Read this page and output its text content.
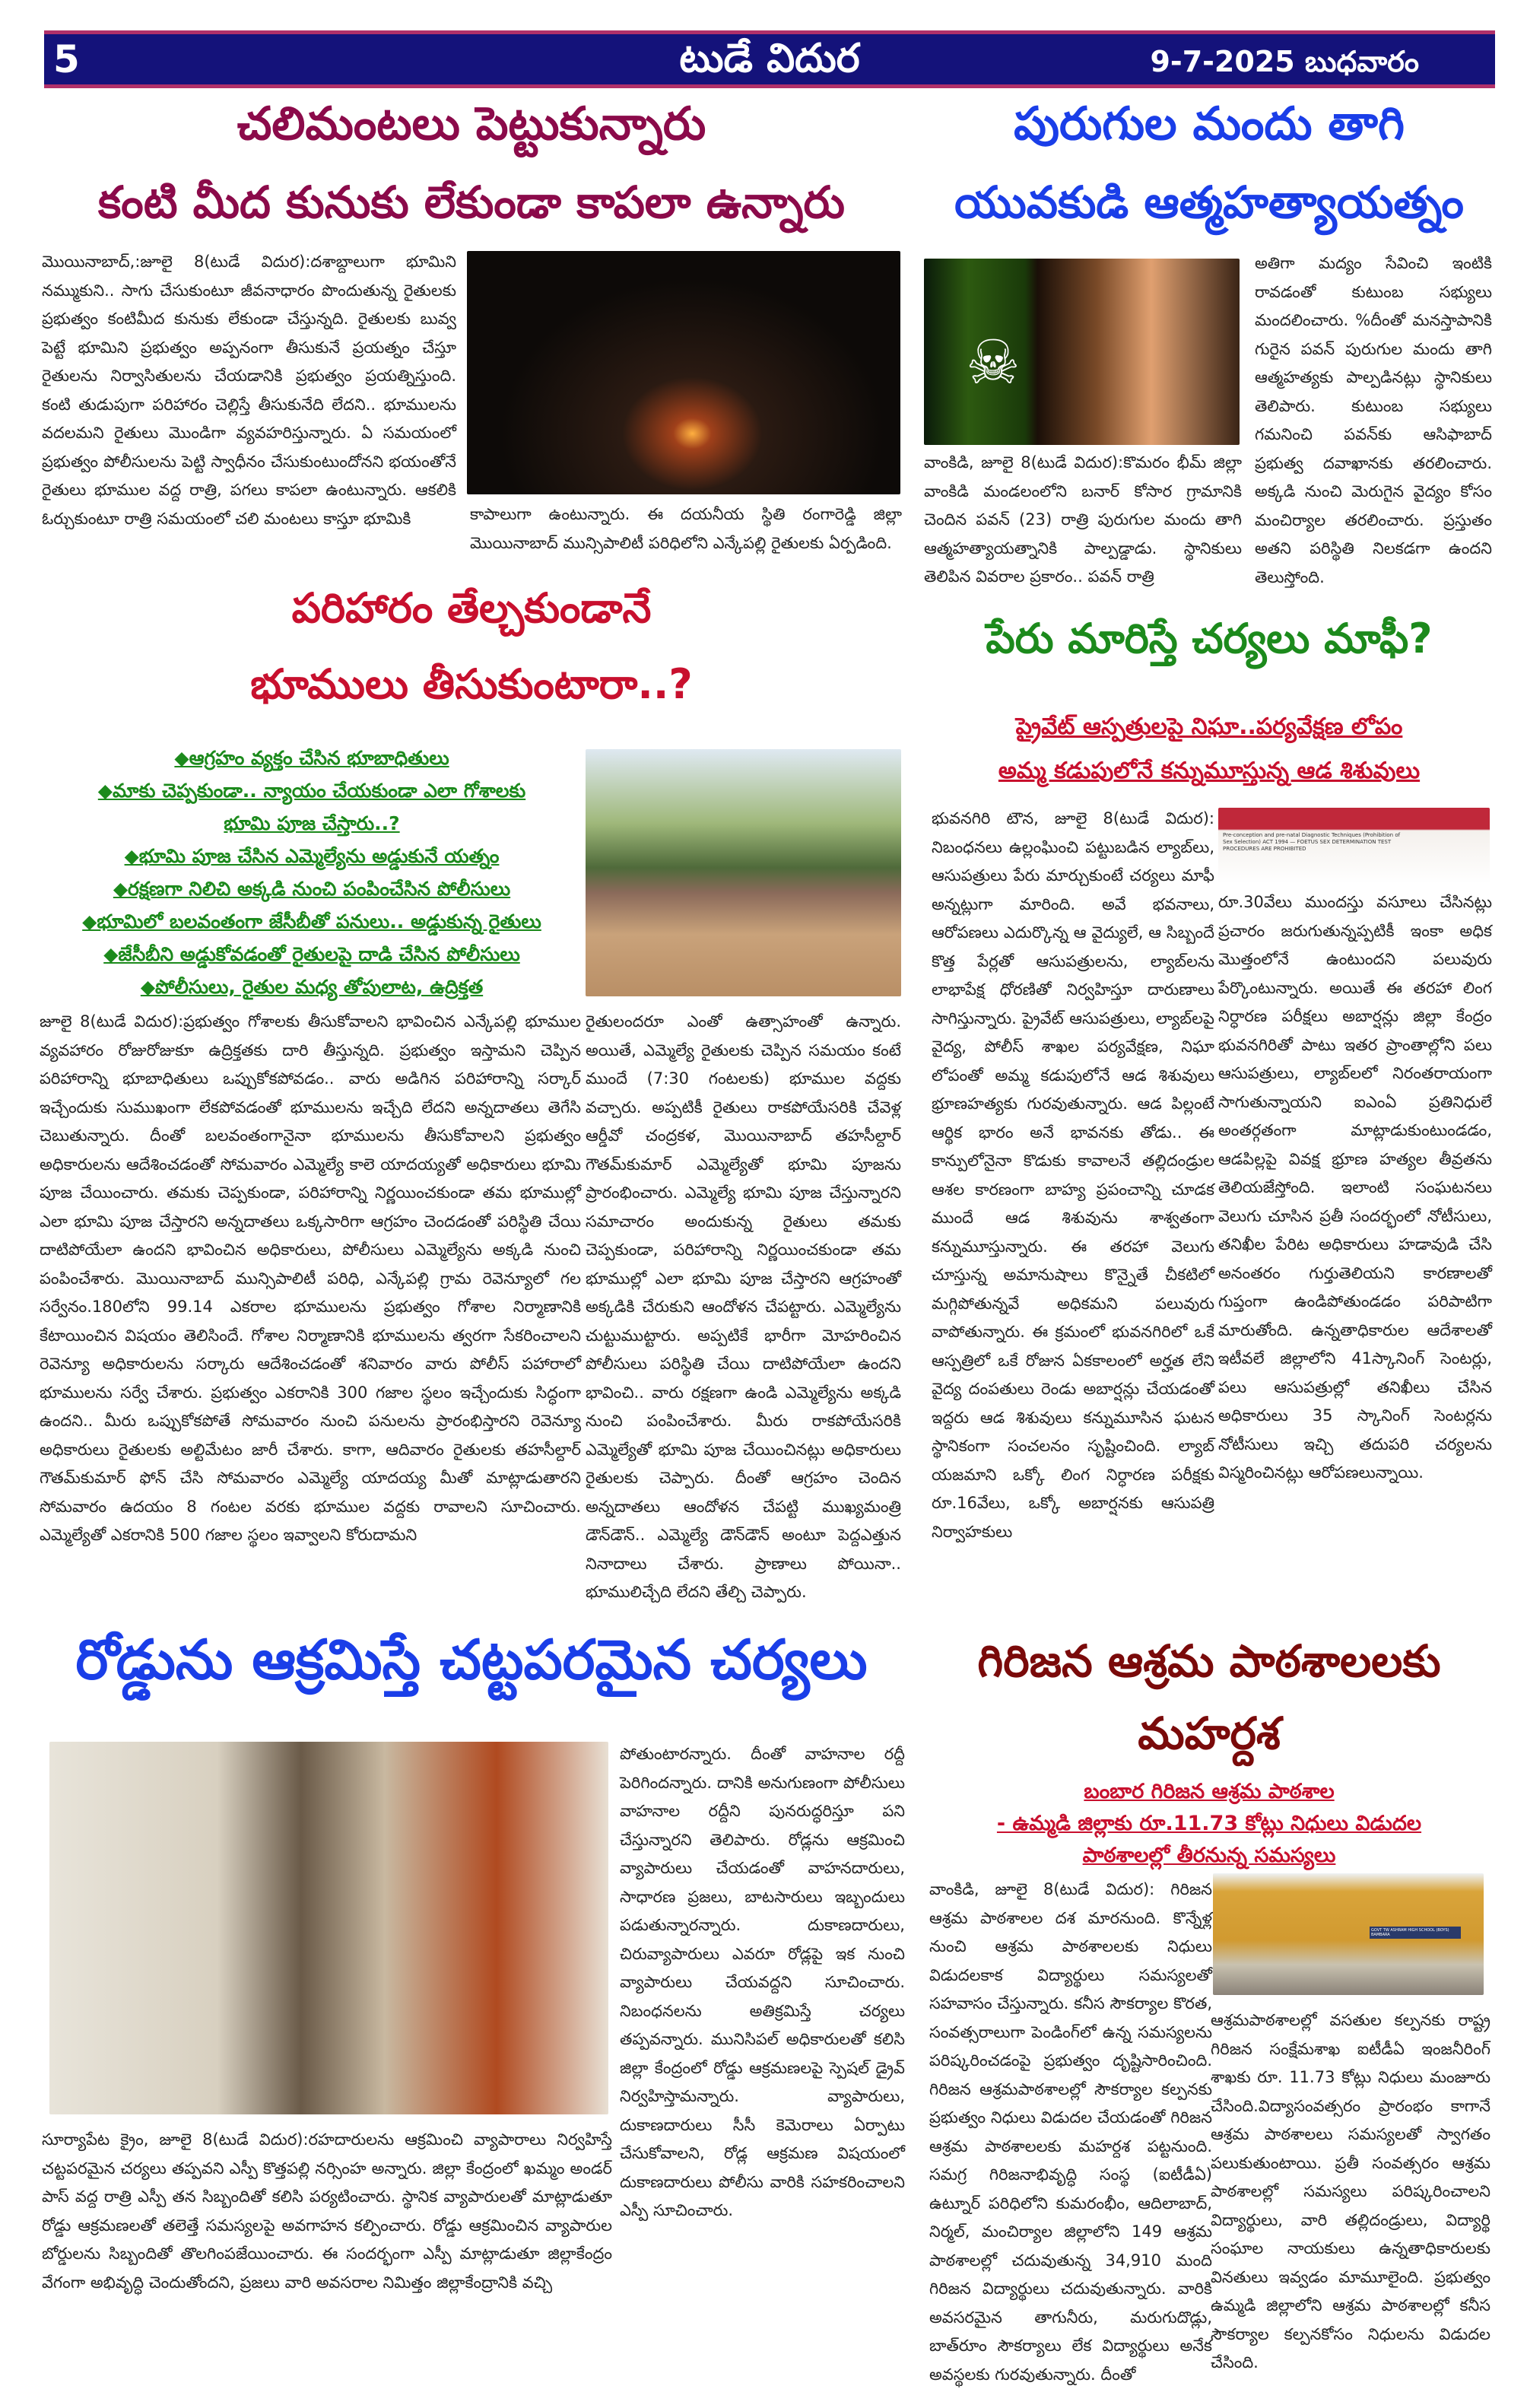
5	టుడే విదుర	9-7-2025 బుధవారం
చలిమంటలు పెట్టుకున్నారు
కంటి మీద కునుకు లేకుండా కాపలా ఉన్నారు
మొయినాబాద్,:జూలై 8(టుడే విదుర):దశాబ్దాలుగా భూమిని నమ్ముకుని.. సాగు చేసుకుంటూ జీవనాధారం పొందుతున్న రైతులకు ప్రభుత్వం కంటిమీద కునుకు లేకుండా చేస్తున్నది. రైతులకు బువ్వ పెట్టే భూమిని ప్రభుత్వం అప్పనంగా తీసుకునే ప్రయత్నం చేస్తూ రైతులను నిర్వాసితులను చేయడానికి ప్రభుత్వం ప్రయత్నిస్తుంది. కంటి తుడుపుగా పరిహారం చెల్లిస్తే తీసుకునేది లేదని.. భూములను వదలమని రైతులు మొండిగా వ్యవహరిస్తున్నారు. ఏ సమయంలో ప్రభుత్వం పోలీసులను పెట్టి స్వాధీనం చేసుకుంటుందోనని భయంతోనే రైతులు భూముల వద్ద రాత్రి, పగలు కాపలా ఉంటున్నారు. ఆకలికి ఓర్చుకుంటూ రాత్రి సమయంలో చలి మంటలు కాస్తూ భూమికి	కాపాలుగా ఉంటున్నారు. ఈ దయనీయ స్థితి రంగారెడ్డి జిల్లా మొయినాబాద్ మున్సిపాలిటీ పరిధిలోని ఎన్కేపల్లి రైతులకు ఏర్పడింది.
పురుగుల మందు తాగి
యువకుడి ఆత్మహత్యాయత్నం
☠
అతిగా మద్యం సేవించి ఇంటికి రావడంతో కుటుంబ సభ్యులు మందలించారు. %దీంతో మనస్తాపానికి గురైన పవన్ పురుగుల మందు తాగి ఆత్మహత్యకు పాల్పడినట్లు స్థానికులు తెలిపారు. కుటుంబ సభ్యులు గమనించి పవన్‌కు ఆసిఫాబాద్ ప్రభుత్వ దవాఖానకు తరలించారు. అక్కడి నుంచి మెరుగైన వైద్యం కోసం మంచిర్యాల తరలించారు. ప్రస్తుతం అతని పరిస్థితి నిలకడగా ఉందని తెలుస్తోంది.
వాంకిడి, జూలై 8(టుడే విదుర):కొమరం భీమ్ జిల్లా వాంకిడి మండలంలోని బనార్ కోసార గ్రామానికి చెందిన పవన్ (23) రాత్రి పురుగుల మందు తాగి ఆత్మహత్యాయత్నానికి పాల్పడ్డాడు. స్థానికులు తెలిపిన వివరాల ప్రకారం.. పవన్ రాత్రి
పరిహారం తేల్చకుండానే
భూములు తీసుకుంటారా..?
◆ఆగ్రహం వ్యక్తం చేసిన భూబాధితులు
◆మాకు చెప్పకుండా.. న్యాయం చేయకుండా ఎలా గోశాలకు
భూమి పూజ చేస్తారు..?
◆భూమి పూజ చేసిన ఎమ్మెల్యేను అడ్డుకునే యత్నం
◆రక్షణగా నిలిచి అక్కడి నుంచి పంపించేసిన పోలీసులు
◆భూమిలో బలవంతంగా జేసీబీతో పనులు.. అడ్డుకున్న రైతులు
◆జేసీబీని అడ్డుకోవడంతో రైతులపై దాడి చేసిన పోలీసులు
◆పోలీసులు, రైతుల మధ్య తోపులాట, ఉద్రిక్తత
జూలై 8(టుడే విదుర):ప్రభుత్వం గోశాలకు తీసుకోవాలని భావించిన ఎన్కేపల్లి భూముల వ్యవహారం రోజురోజుకూ ఉద్రిక్తతకు దారి తీస్తున్నది. ప్రభుత్వం ఇస్తామని చెప్పిన పరిహారాన్ని భూబాధితులు ఒప్పుకోకపోవడం.. వారు అడిగిన పరిహారాన్ని సర్కార్ ఇచ్చేందుకు సుముఖంగా లేకపోవడంతో భూములను ఇచ్చేది లేదని అన్నదాతలు తెగేసి చెబుతున్నారు. దీంతో బలవంతంగానైనా భూములను తీసుకోవాలని ప్రభుత్వం అధికారులను ఆదేశించడంతో సోమవారం ఎమ్మెల్యే కాలె యాదయ్యతో అధికారులు భూమి పూజ చేయించారు. తమకు చెప్పకుండా, పరిహారాన్ని నిర్ణయించకుండా తమ భూముల్లో ఎలా భూమి పూజ చేస్తారని అన్నదాతలు ఒక్కసారిగా ఆగ్రహం చెందడంతో పరిస్థితి చేయి దాటిపోయేలా ఉందని భావించిన అధికారులు, పోలీసులు ఎమ్మెల్యేను అక్కడి నుంచి పంపించేశారు. మొయినాబాద్ మున్సిపాలిటీ పరిధి, ఎన్కేపల్లి గ్రామ రెవెన్యూలో గల సర్వేనం.180లోని 99.14 ఎకరాల భూములను ప్రభుత్వం గోశాల నిర్మాణానికి కేటాయించిన విషయం తెలిసిందే. గోశాల నిర్మాణానికి భూములను త్వరగా సేకరించాలని రెవెన్యూ అధికారులను సర్కారు ఆదేశించడంతో శనివారం వారు పోలీస్ పహారాలో భూములను సర్వే చేశారు. ప్రభుత్వం ఎకరానికి 300 గజాల స్థలం ఇచ్చేందుకు సిద్ధంగా ఉందని.. మీరు ఒప్పుకోకపోతే సోమవారం నుంచి పనులను ప్రారంభిస్తారని రెవెన్యూ అధికారులు రైతులకు అల్టిమేటం జారీ చేశారు. కాగా, ఆదివారం రైతులకు తహసీల్దార్ గౌతమ్‌కుమార్ ఫోన్ చేసి సోమవారం ఎమ్మెల్యే యాదయ్య మీతో మాట్లాడుతారని సోమవారం ఉదయం 8 గంటల వరకు భూముల వద్దకు రావాలని సూచించారు. ఎమ్మెల్యేతో ఎకరానికి 500 గజాల స్థలం ఇవ్వాలని కోరుదామని
రైతులందరూ ఎంతో ఉత్సాహంతో ఉన్నారు. అయితే, ఎమ్మెల్యే రైతులకు చెప్పిన సమయం కంటే ముందే (7:30 గంటలకు) భూముల వద్దకు వచ్చారు. అప్పటికీ రైతులు రాకపోయేసరికి చేవెళ్ల ఆర్డీవో చంద్రకళ, మొయినాబాద్ తహసీల్దార్ గౌతమ్‌కుమార్ ఎమ్మెల్యేతో భూమి పూజను ప్రారంభించారు. ఎమ్మెల్యే భూమి పూజ చేస్తున్నారని సమాచారం అందుకున్న రైతులు తమకు చెప్పకుండా, పరిహారాన్ని నిర్ణయించకుండా తమ భూముల్లో ఎలా భూమి పూజ చేస్తారని ఆగ్రహంతో అక్కడికి చేరుకుని ఆందోళన చేపట్టారు. ఎమ్మెల్యేను చుట్టుముట్టారు. అప్పటికే భారీగా మోహరించిన పోలీసులు పరిస్థితి చేయి దాటిపోయేలా ఉందని భావించి.. వారు రక్షణగా ఉండి ఎమ్మెల్యేను అక్కడి నుంచి పంపించేశారు. మీరు రాకపోయేసరికి ఎమ్మెల్యేతో భూమి పూజ చేయించినట్లు అధికారులు రైతులకు చెప్పారు. దీంతో ఆగ్రహం చెందిన అన్నదాతలు ఆందోళన చేపట్టి ముఖ్యమంత్రి డౌన్‌డౌన్.. ఎమ్మెల్యే డౌన్‌డౌన్ అంటూ పెద్దఎత్తున నినాదాలు చేశారు. ప్రాణాలు పోయినా.. భూములిచ్చేది లేదని తేల్చి చెప్పారు.
పేరు మారిస్తే చర్యలు మాఫీ?
ప్రైవేట్ ఆస్పత్రులపై నిఘా..పర్యవేక్షణ లోపం
అమ్మ కడుపులోనే కన్నుమూస్తున్న ఆడ శిశువులు
భువనగిరి టౌన, జూలై 8(టుడే విదుర): నిబంధనలు ఉల్లంఘించి పట్టుబడిన ల్యాబ్‌లు, ఆసుపత్రులు పేరు మార్చుకుంటే చర్యలు మాఫీ అన్నట్లుగా మారింది. అవే భవనాలు, ఆరోపణలు ఎదుర్కొన్న ఆ వైద్యులే, ఆ సిబ్బందే కొత్త పేర్లతో ఆసుపత్రులను, ల్యాబ్‌లను లాభాపేక్ష ధోరణితో నిర్వహిస్తూ దారుణాలు సాగిస్తున్నారు. ప్రైవేట్ ఆసుపత్రులు, ల్యాబ్‌లపై వైద్య, పోలీస్ శాఖల పర్యవేక్షణ, నిఘా లోపంతో అమ్మ కడుపులోనే ఆడ శిశువులు భ్రూణహత్యకు గురవుతున్నారు. ఆడ పిల్లంటే ఆర్థిక భారం అనే భావనకు తోడు.. ఈ కాన్పులోనైనా కొడుకు కావాలనే తల్లిదండ్రుల ఆశల కారణంగా బాహ్య ప్రపంచాన్ని చూడక ముందే ఆడ శిశువును శాశ్వతంగా కన్నుమూస్తున్నారు. ఈ తరహా వెలుగు చూస్తున్న అమానుషాలు కొన్నైతే చీకటిలో మగ్గిపోతున్నవే అధికమని పలువురు వాపోతున్నారు. ఈ క్రమంలో భువనగిరిలో ఒకే ఆస్పత్రిలో ఒకే రోజున ఏకకాలంలో అర్హత లేని వైద్య దంపతులు రెండు అబార్షన్లు చేయడంతో ఇద్దరు ఆడ శిశువులు కన్నుమూసిన ఘటన స్థానికంగా సంచలనం సృష్టించింది. ల్యాబ్ యజమాని ఒక్కో లింగ నిర్ధారణ పరీక్షకు రూ.16వేలు, ఒక్కో అబార్షనకు ఆసుపత్రి నిర్వాహకులు
Pre-conception and pre-natal Diagnostic Techniques (Prohibition of Sex Selection) ACT 1994 — FOETUS SEX DETERMINATION TEST PROCEDURES ARE PROHIBITED
రూ.30వేలు ముందస్తు వసూలు చేసినట్లు ప్రచారం జరుగుతున్నప్పటికీ ఇంకా అధిక మొత్తంలోనే ఉంటుందని పలువురు పేర్కొంటున్నారు. అయితే ఈ తరహా లింగ నిర్ధారణ పరీక్షలు అబార్షన్లు జిల్లా కేంద్రం భువనగిరితో పాటు ఇతర ప్రాంతాల్లోని పలు ఆసుపత్రులు, ల్యాబ్‌లలో నిరంతరాయంగా సాగుతున్నాయని ఐఎంఏ ప్రతినిధులే అంతర్గతంగా మాట్లాడుకుంటుండడం, ఆడపిల్లపై వివక్ష భ్రూణ హత్యల తీవ్రతను తెలియజేస్తోంది. ఇలాంటి సంఘటనలు వెలుగు చూసిన ప్రతీ సందర్భంలో నోటీసులు, తనిఖీల పేరిట అధికారులు హడావుడి చేసి అనంతరం గుర్తుతెలియని కారణాలతో గుప్తంగా ఉండిపోతుండడం పరిపాటిగా మారుతోంది. ఉన్నతాధికారుల ఆదేశాలతో ఇటీవలే జిల్లాలోని 41స్కానింగ్ సెంటర్లు, పలు ఆసుపత్రుల్లో తనిఖీలు చేసిన అధికారులు 35 స్కానింగ్ సెంటర్లను నోటీసులు ఇచ్చి తదుపరి చర్యలను విస్మరించినట్లు ఆరోపణలున్నాయి.
రోడ్డును ఆక్రమిస్తే చట్టపరమైన చర్యలు
సూర్యాపేట క్రైం, జూలై 8(టుడే విదుర):రహదారులను ఆక్రమించి వ్యాపారాలు నిర్వహిస్తే చట్టపరమైన చర్యలు తప్పవని ఎస్పీ కొత్తపల్లి నర్సింహ అన్నారు. జిల్లా కేంద్రంలో ఖమ్మం అండర్ పాస్ వద్ద రాత్రి ఎస్పీ తన సిబ్బందితో కలిసి పర్యటించారు. స్థానిక వ్యాపారులతో మాట్లాడుతూ రోడ్డు ఆక్రమణలతో తలెత్తే సమస్యలపై అవగాహన కల్పించారు. రోడ్డు ఆక్రమించిన వ్యాపారుల బోర్డులను సిబ్బందితో తొలగింపజేయించారు. ఈ సందర్భంగా ఎస్పీ మాట్లాడుతూ జిల్లాకేంద్రం వేగంగా అభివృద్ధి చెందుతోందని, ప్రజలు వారి అవసరాల నిమిత్తం జిల్లాకేంద్రానికి వచ్చి
పోతుంటారన్నారు. దీంతో వాహనాల రద్దీ పెరిగిందన్నారు. దానికి అనుగుణంగా పోలీసులు వాహనాల రద్దీని పునరుద్ధరిస్తూ పని చేస్తున్నారని తెలిపారు. రోడ్లను ఆక్రమించి వ్యాపారులు చేయడంతో వాహనదారులు, సాధారణ ప్రజలు, బాటసారులు ఇబ్బందులు పడుతున్నారన్నారు. దుకాణదారులు, చిరువ్యాపారులు ఎవరూ రోడ్లపై ఇక నుంచి వ్యాపారులు చేయవద్దని సూచించారు. నిబంధనలను అతిక్రమిస్తే చర్యలు తప్పవన్నారు. మునిసిపల్ అధికారులతో కలిసి జిల్లా కేంద్రంలో రోడ్డు ఆక్రమణలపై స్పెషల్ డ్రైవ్ నిర్వహిస్తామన్నారు. వ్యాపారులు, దుకాణదారులు సీసీ కెమెరాలు ఏర్పాటు చేసుకోవాలని, రోడ్ల ఆక్రమణ విషయంలో దుకాణదారులు పోలీసు వారికి సహకరించాలని ఎస్పీ సూచించారు.
గిరిజన ఆశ్రమ పాఠశాలలకు
మహర్దశ
బంబార గిరిజన ఆశ్రమ పాఠశాల
- ఉమ్మడి జిల్లాకు రూ.11.73 కోట్లు నిధులు విడుదల
పాఠశాలల్లో తీరనున్న సమస్యలు
వాంకిడి, జూలై 8(టుడే విదుర): గిరిజన ఆశ్రమ పాఠశాలల దశ మారనుంది. కొన్నేళ్ల నుంచి ఆశ్రమ పాఠశాలలకు నిధులు విడుదలకాక విద్యార్థులు సమస్యలతో సహవాసం చేస్తున్నారు. కనీస సౌకర్యాల కొరత, సంవత్సరాలుగా పెండింగ్‌లో ఉన్న సమస్యలను పరిష్కరించడంపై ప్రభుత్వం దృష్టిసారించింది. గిరిజన ఆశ్రమపాఠశాలల్లో సౌకర్యాల కల్పనకు ప్రభుత్వం నిధులు విడుదల చేయడంతో గిరిజన ఆశ్రమ పాఠశాలలకు మహర్దశ పట్టనుంది. సమగ్ర గిరిజనాభివృద్ధి సంస్థ (ఐటీడీఏ) ఉట్నూర్ పరిధిలోని కుమరంభీం, ఆదిలాబాద్, నిర్మల్, మంచిర్యాల జిల్లాలోని 149 ఆశ్రమ పాఠశాలల్లో చదువుతున్న 34,910 మంది గిరిజన విద్యార్థులు చదువుతున్నారు. వారికి అవసరమైన తాగునీరు, మరుగుదొడ్లు, బాత్‌రూం సౌకర్యాలు లేక విద్యార్థులు అనేక అవస్థలకు గురవుతున్నారు. దీంతో
GOVT TW ASHRAM HIGH SCHOOL (BOYS) BAMBARA
ఆశ్రమపాఠశాలల్లో వసతుల కల్పనకు రాష్ట్ర గిరిజన సంక్షేమశాఖ ఐటీడీఏ ఇంజనీరింగ్ శాఖకు రూ. 11.73 కోట్లు నిధులు మంజూరు చేసింది.విద్యాసంవత్సరం ప్రారంభం కాగానే ఆశ్రమ పాఠశాలలు సమస్యలతో స్వాగతం పలుకుతుంటాయి. ప్రతీ సంవత్సరం ఆశ్రమ పాఠశాలల్లో సమస్యలు పరిష్కరించాలని విద్యార్థులు, వారి తల్లిదండ్రులు, విద్యార్థి సంఘాల నాయకులు ఉన్నతాధికారులకు వినతులు ఇవ్వడం మామూలైంది. ప్రభుత్వం ఉమ్మడి జిల్లాలోని ఆశ్రమ పాఠశాలల్లో కనీస సౌకర్యాల కల్పనకోసం నిధులను విడుదల చేసింది.
